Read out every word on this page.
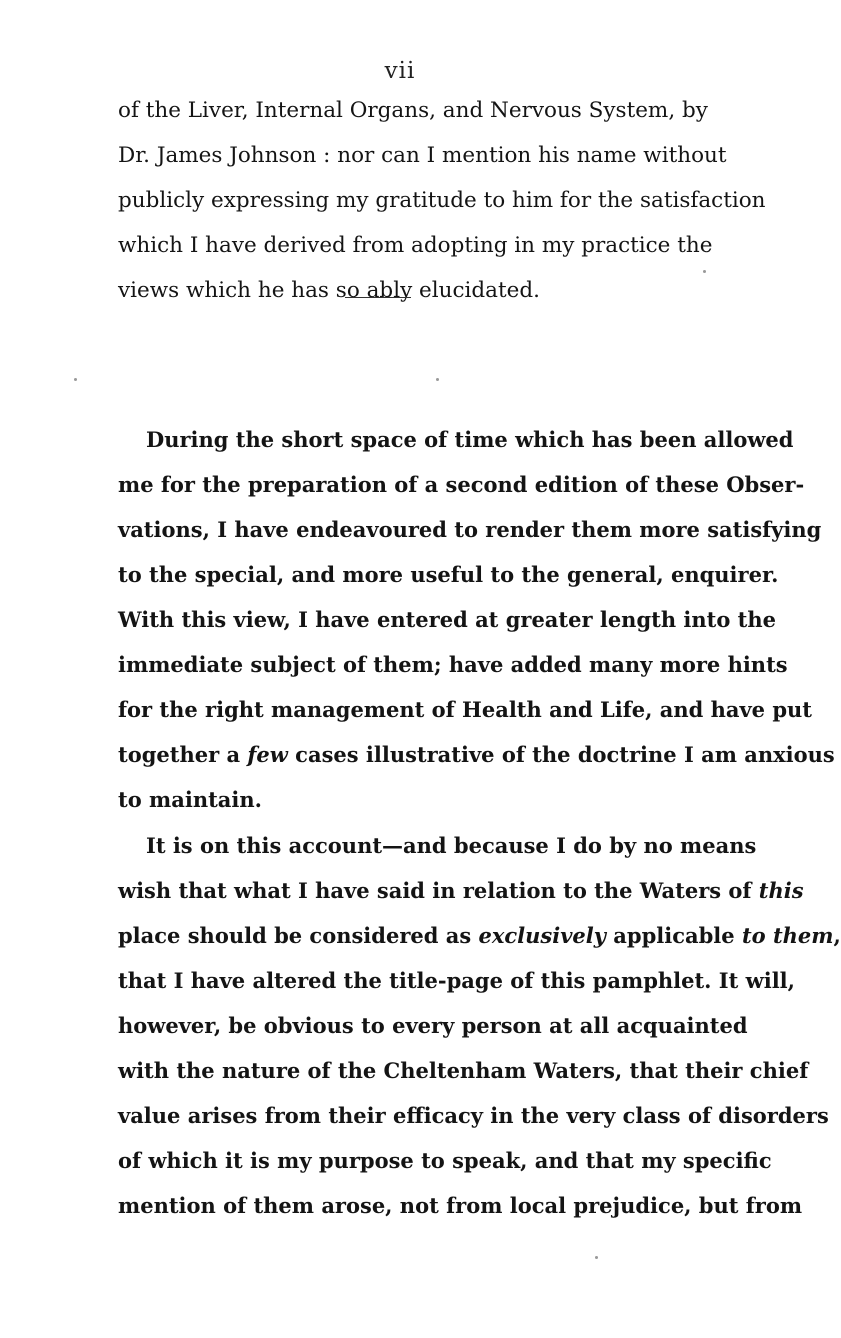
vii
of the Liver, Internal Organs, and Nervous System, by
Dr. James Johnson : nor can I mention his name without
publicly expressing my gratitude to him for the satisfaction
which I have derived from adopting in my practice the
views which he has so ably elucidated.
During the short space of time which has been allowed
me for the preparation of a second edition of these Obser-
vations, I have endeavoured to render them more satisfying
to the special, and more useful to the general, enquirer.
With this view, I have entered at greater length into the
immediate subject of them; have added many more hints
for the right management of Health and Life, and have put
together a few cases illustrative of the doctrine I am anxious
to maintain.
It is on this account—and because I do by no means
wish that what I have said in relation to the Waters of this
place should be considered as exclusively applicable to them,
that I have altered the title-page of this pamphlet. It will,
however, be obvious to every person at all acquainted
with the nature of the Cheltenham Waters, that their chief
value arises from their efficacy in the very class of disorders
of which it is my purpose to speak, and that my specific
mention of them arose, not from local prejudice, but from
